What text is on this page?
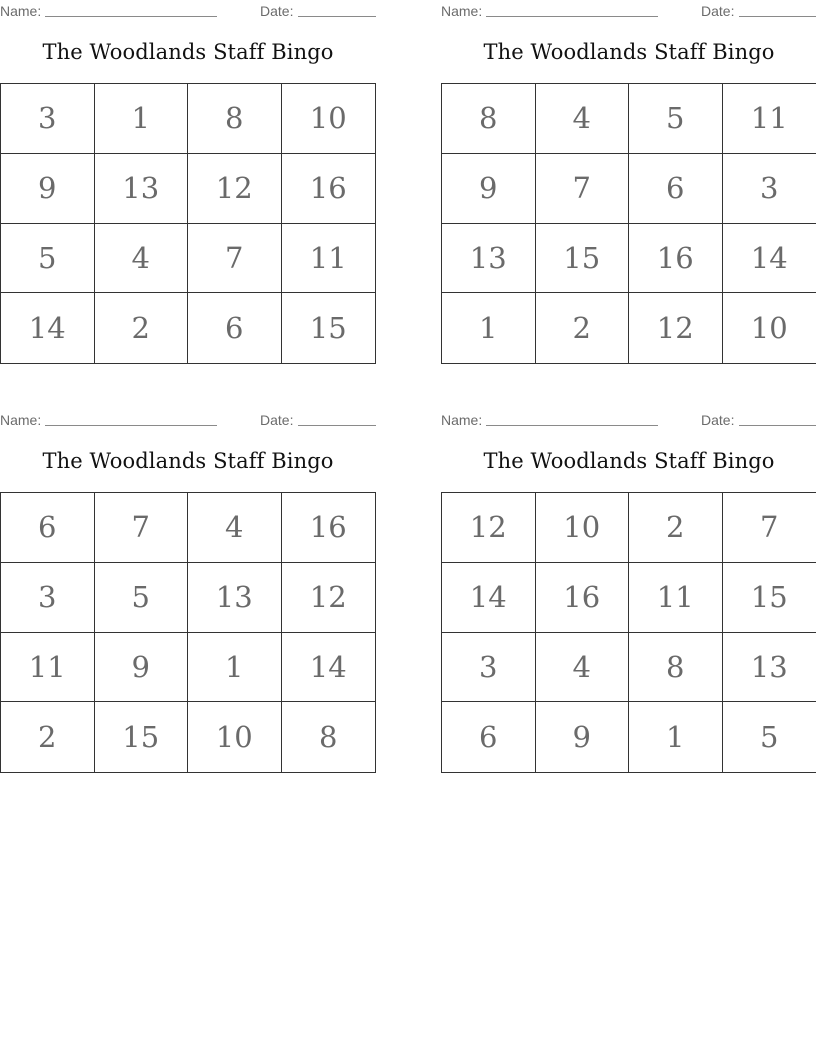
Name:	Date:
The Woodlands Staff Bingo
3	1	8	10
9	13	12	16
5	4	7	11
14	2	6	15
Name:	Date:
The Woodlands Staff Bingo
8	4	5	11
9	7	6	3
13	15	16	14
1	2	12	10
Name:	Date:
The Woodlands Staff Bingo
6	7	4	16
3	5	13	12
11	9	1	14
2	15	10	8
Name:	Date:
The Woodlands Staff Bingo
12	10	2	7
14	16	11	15
3	4	8	13
6	9	1	5
